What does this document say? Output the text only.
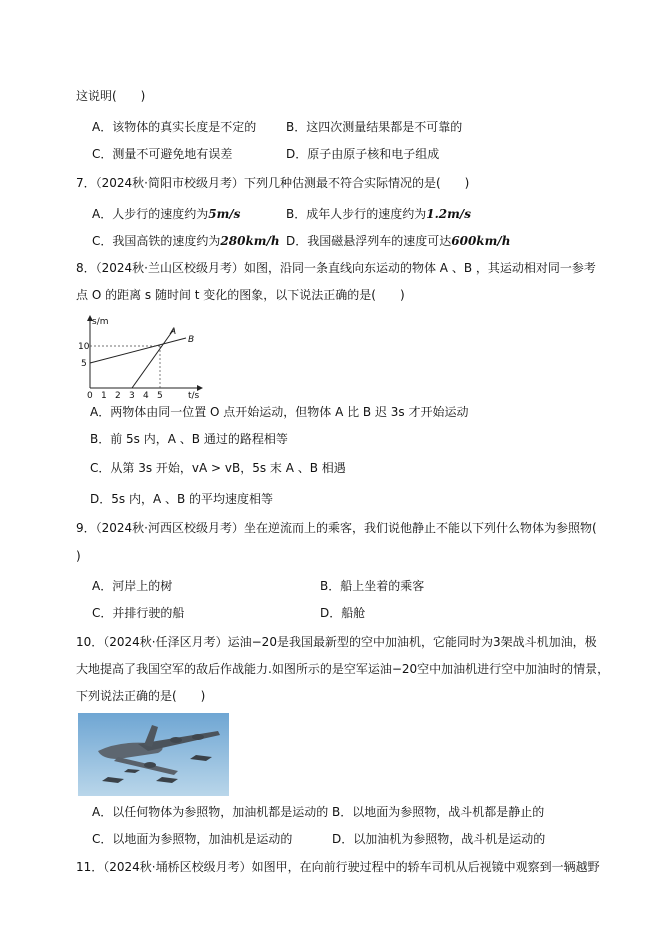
这说明(　　)
A．该物体的真实长度是不定的 B．这四次测量结果都是不可靠的
C．测量不可避免地有误差	D．原子由原子核和电子组成
7．（2024秋·简阳市校级月考）下列几种估测最不符合实际情况的是(　　)
A．人步行的速度约为5m/s	B．成年人步行的速度约为1.2m/s
C．我国高铁的速度约为280km/h D．我国磁悬浮列车的速度可达600km/h
8．（2024秋·兰山区校级月考）如图，沿同一条直线向东运动的物体 A 、B ，其运动相对同一参考
点 O 的距离 s 随时间 t 变化的图象，以下说法正确的是(　　)
s/m
t/s
10
5
0 1 2 3 4 5
A
B
A．两物体由同一位置 O 点开始运动，但物体 A 比 B 迟 3s 才开始运动
B．前 5s 内，A 、B 通过的路程相等
C．从第 3s 开始，vA > vB，5s 末 A 、B 相遇
D．5s 内，A 、B 的平均速度相等
9．（2024秋·河西区校级月考）坐在逆流而上的乘客，我们说他静止不能以下列什么物体为参照物(
)
A．河岸上的树	B．船上坐着的乘客
C．并排行驶的船	D．船舱
10．（2024秋·任泽区月考）运油−20是我国最新型的空中加油机，它能同时为3架战斗机加油，极
大地提高了我国空军的敌后作战能力.如图所示的是空军运油−20空中加油机进行空中加油时的情景，
下列说法正确的是(　　)
A．以任何物体为参照物，加油机都是运动的 B．以地面为参照物，战斗机都是静止的
C．以地面为参照物，加油机是运动的	D．以加油机为参照物，战斗机是运动的
11．（2024秋·埇桥区校级月考）如图甲，在向前行驶过程中的轿车司机从后视镜中观察到一辆越野
